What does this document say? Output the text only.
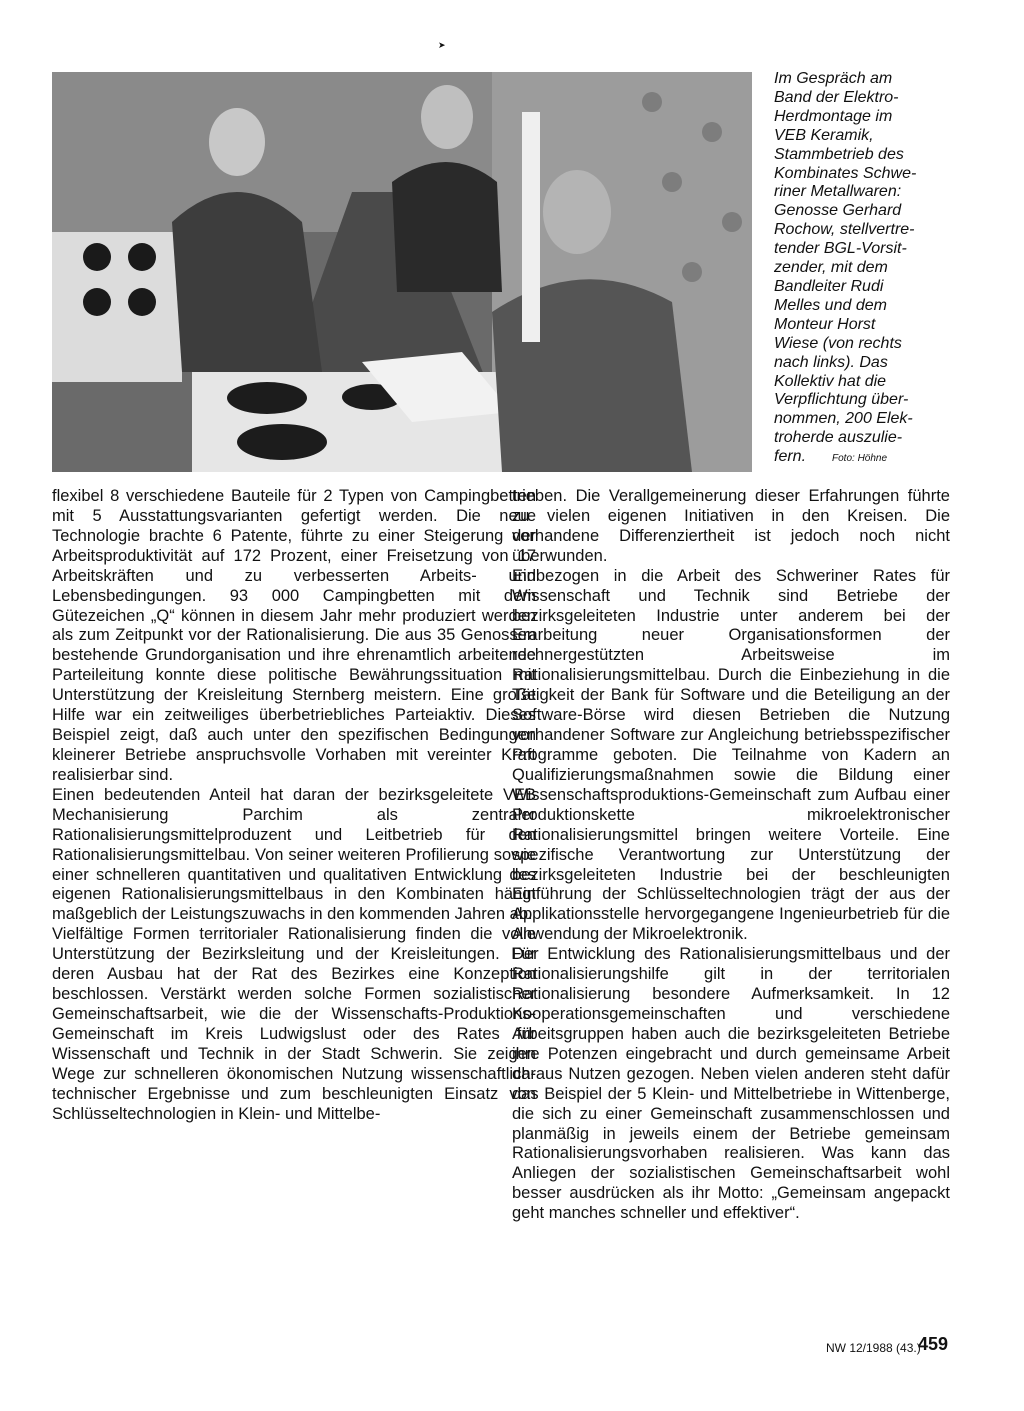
➤
Im Gespräch am
Band der Elektro-
Herdmontage im
VEB Keramik,
Stammbetrieb des
Kombinates Schwe-
riner Metallwaren:
Genosse Gerhard
Rochow, stellvertre-
tender BGL-Vorsit-
zender, mit dem
Bandleiter Rudi
Melles und dem
Monteur Horst
Wiese (von rechts
nach links). Das
Kollektiv hat die
Verpflichtung über-
nommen, 200 Elek-
troherde auszulie-
fern.	Foto: Höhne

flexibel 8 verschiedene Bauteile für 2 Typen von Campingbetten mit 5 Ausstattungsvarianten gefertigt werden. Die neue Technologie brachte 6 Patente, führte zu einer Steigerung der Arbeitsproduktivität auf 172 Prozent, einer Freisetzung von 17 Arbeitskräften und zu verbesserten Arbeits- und Lebensbedingungen. 93 000 Campingbetten mit dem Gütezeichen „Q“ können in diesem Jahr mehr produziert werden als zum Zeitpunkt vor der Rationalisierung. Die aus 35 Genossen bestehende Grundorganisation und ihre ehrenamtlich arbeitende Parteileitung konnte diese politische Bewährungssituation mit Unterstützung der Kreisleitung Sternberg meistern. Eine große Hilfe war ein zeitweiliges überbetriebliches Parteiaktiv. Dieses Beispiel zeigt, daß auch unter den spezifischen Bedingungen kleinerer Betriebe anspruchsvolle Vorhaben mit vereinter Kraft realisierbar sind.

Einen bedeutenden Anteil hat daran der bezirksgeleitete VEB Mechanisierung Parchim als zentraler Rationalisierungsmittelproduzent und Leitbetrieb für den Rationalisierungsmittelbau. Von seiner weiteren Profilierung sowie einer schnelleren quantitativen und qualitativen Entwicklung des eigenen Rationalisierungsmittelbaus in den Kombinaten hängt maßgeblich der Leistungszuwachs in den kommenden Jahren ab.

Vielfältige Formen territorialer Rationalisierung finden die volle Unterstützung der Bezirksleitung und der Kreisleitungen. Für deren Ausbau hat der Rat des Bezirkes eine Konzeption beschlossen. Verstärkt werden solche Formen sozialistischer Gemeinschaftsarbeit, wie die der Wissenschafts-Produktions-Gemeinschaft im Kreis Ludwigslust oder des Rates für Wissenschaft und Technik in der Stadt Schwerin. Sie zeigen Wege zur schnelleren ökonomischen Nutzung wissenschaftlich-technischer Ergebnisse und zum beschleunigten Einsatz von Schlüsseltechnologien in Klein- und Mittelbe-

trieben. Die Verallgemeinerung dieser Erfahrungen führte zu vielen eigenen Initiativen in den Kreisen. Die vorhandene Differenziertheit ist jedoch noch nicht überwunden.

Einbezogen in die Arbeit des Schweriner Rates für Wissenschaft und Technik sind Betriebe der bezirksgeleiteten Industrie unter anderem bei der Erarbeitung neuer Organisationsformen der rechnergestützten Arbeitsweise im Rationalisierungsmittelbau. Durch die Einbeziehung in die Tätigkeit der Bank für Software und die Beteiligung an der Software-Börse wird diesen Betrieben die Nutzung vorhandener Software zur Angleichung betriebsspezifischer Programme geboten. Die Teilnahme von Kadern an Qualifizierungsmaßnahmen sowie die Bildung einer Wissenschaftsproduktions-Gemeinschaft zum Aufbau einer Produktionskette mikroelektronischer Rationalisierungsmittel bringen weitere Vorteile. Eine spezifische Verantwortung zur Unterstützung der bezirksgeleiteten Industrie bei der beschleunigten Einführung der Schlüsseltechnologien trägt der aus der Applikationsstelle hervorgegangene Ingenieurbetrieb für die Anwendung der Mikroelektronik.

Der Entwicklung des Rationalisierungsmittelbaus und der Rationalisierungshilfe gilt in der territorialen Rationalisierung besondere Aufmerksamkeit. In 12 Kooperationsgemeinschaften und verschiedene Arbeitsgruppen haben auch die bezirksgeleiteten Betriebe ihre Potenzen eingebracht und durch gemeinsame Arbeit daraus Nutzen gezogen. Neben vielen anderen steht dafür das Beispiel der 5 Klein- und Mittelbetriebe in Wittenberge, die sich zu einer Gemeinschaft zusammenschlossen und planmäßig in jeweils einem der Betriebe gemeinsam Rationalisierungsvorhaben realisieren. Was kann das Anliegen der sozialistischen Gemeinschaftsarbeit wohl besser ausdrücken als ihr Motto: „Gemeinsam angepackt geht manches schneller und effektiver“.

NW 12/1988 (43.)
459
